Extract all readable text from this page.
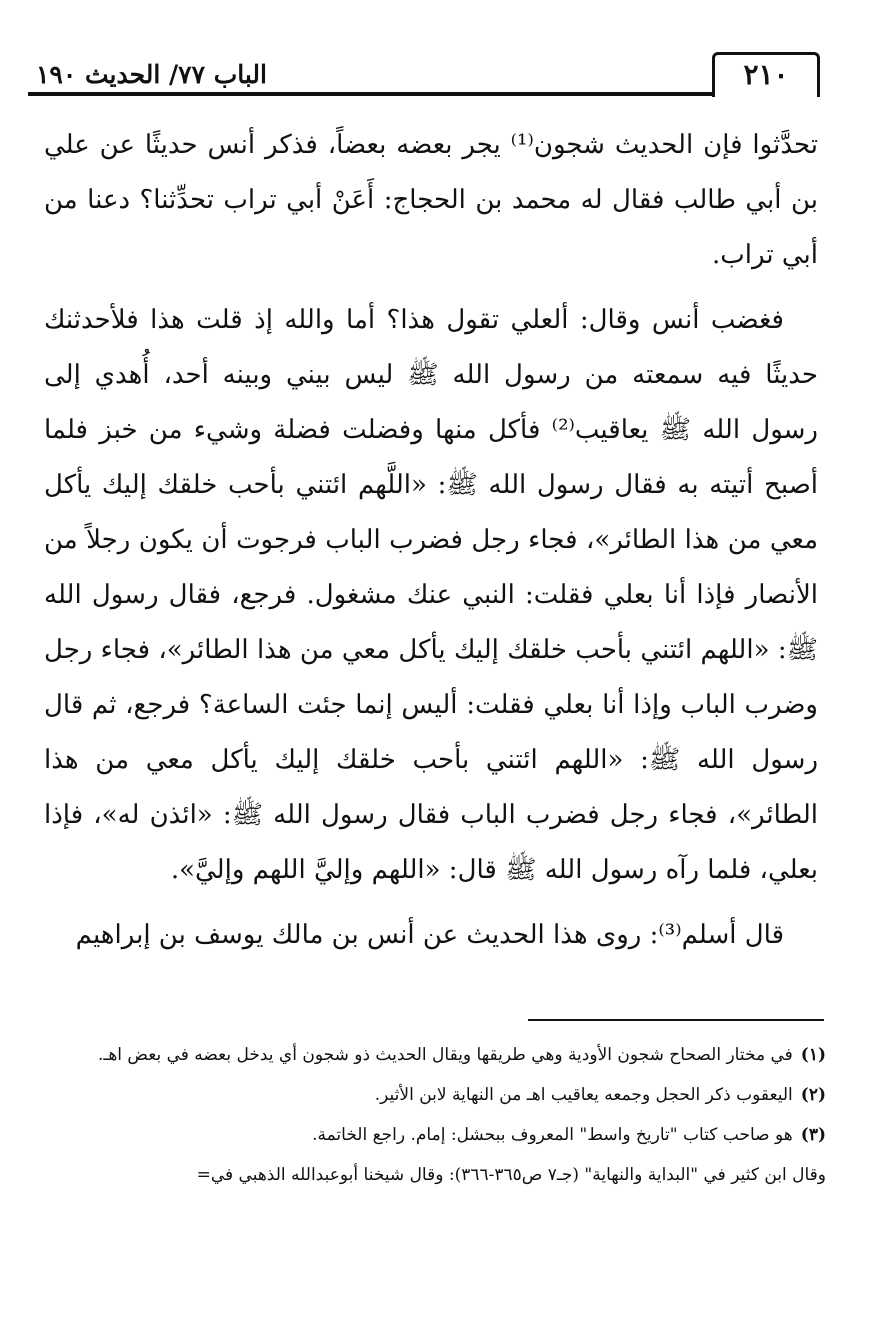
الباب ٧٧/ الحديث ١٩٠	٢١٠

تحدَّثوا فإن الحديث شجون⁽¹⁾ يجر بعضه بعضاً، فذكر أنس حديثًا عن علي بن أبي طالب فقال له محمد بن الحجاج: أَعَنْ أبي تراب تحدِّثنا؟ دعنا من أبي تراب.

فغضب أنس وقال: ألعلي تقول هذا؟ أما والله إذ قلت هذا فلأحدثنك حديثًا فيه سمعته من رسول الله ﷺ ليس بيني وبينه أحد، أُهدي إلى رسول الله ﷺ يعاقيب⁽²⁾ فأكل منها وفضلت فضلة وشيء من خبز فلما أصبح أتيته به فقال رسول الله ﷺ: «اللَّهم ائتني بأحب خلقك إليك يأكل معي من هذا الطائر»، فجاء رجل فضرب الباب فرجوت أن يكون رجلاً من الأنصار فإذا أنا بعلي فقلت: النبي عنك مشغول. فرجع، فقال رسول الله ﷺ: «اللهم ائتني بأحب خلقك إليك يأكل معي من هذا الطائر»، فجاء رجل وضرب الباب وإذا أنا بعلي فقلت: أليس إنما جئت الساعة؟ فرجع، ثم قال رسول الله ﷺ: «اللهم ائتني بأحب خلقك إليك يأكل معي من هذا الطائر»، فجاء رجل فضرب الباب فقال رسول الله ﷺ: «ائذن له»، فإذا بعلي، فلما رآه رسول الله ﷺ قال: «اللهم وإليَّ اللهم وإليَّ».

قال أسلم⁽³⁾: روى هذا الحديث عن أنس بن مالك يوسف بن إبراهيم

(١)في مختار الصحاح شجون الأودية وهي طريقها ويقال الحديث ذو شجون أي يدخل بعضه في بعض اهـ.

(٢)اليعقوب ذكر الحجل وجمعه يعاقيب اهـ من النهاية لابن الأثير.

(٣)هو صاحب كتاب "تاريخ واسط" المعروف ببحشل: إمام. راجع الخاتمة.

وقال ابن كثير في "البداية والنهاية" (جـ٧ ص٣٦٥-٣٦٦): وقال شيخنا أبوعبدالله الذهبي في=
